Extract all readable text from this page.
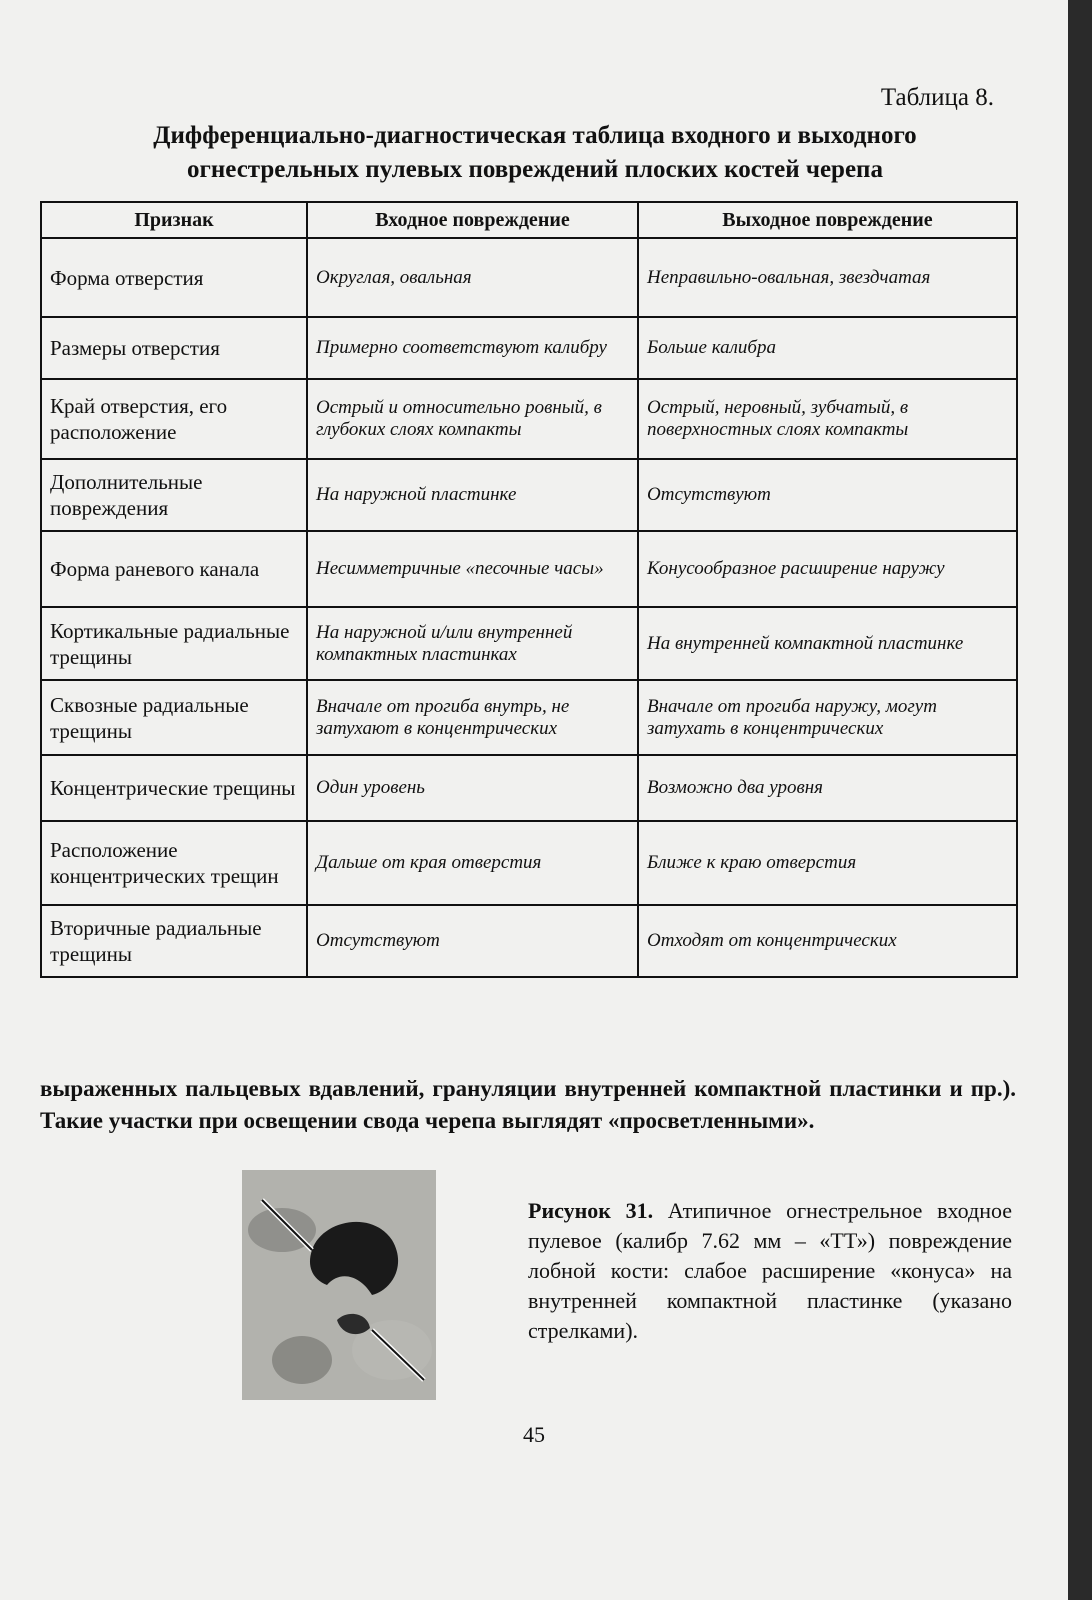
Таблица 8.
Дифференциально-диагностическая таблица входного и выходного
огнестрельных пулевых повреждений плоских костей черепа
Признак	Входное повреждение	Выходное повреждение
Форма отверстия	Округлая, овальная	Неправильно-овальная, звездчатая
Размеры отверстия	Примерно соответствуют калибру	Больше калибра
Край отверстия, его расположение	Острый и относительно ровный, в глубоких слоях компакты	Острый, неровный, зубчатый, в поверхностных слоях компакты
Дополнительные повреждения	На наружной пластинке	Отсутствуют
Форма раневого канала	Несимметричные «песочные часы»	Конусообразное расширение наружу
Кортикальные радиальные трещины	На наружной и/или внутренней компактных пластинках	На внутренней компактной пластинке
Сквозные радиальные трещины	Вначале от прогиба внутрь, не затухают в концентрических	Вначале от прогиба наружу, могут затухать в концентрических
Концентрические трещины	Один уровень	Возможно два уровня
Расположение концентрических трещин	Дальше от края отверстия	Ближе к краю отверстия
Вторичные радиальные трещины	Отсутствуют	Отходят от концентрических
выраженных пальцевых вдавлений, грануляции внутренней компактной пластинки и пр.). Такие участки при освещении свода черепа выглядят «просветленными».
Рисунок 31. Атипичное огнестрельное входное пулевое (калибр 7.62 мм – «ТТ») повреждение лобной кости: слабое расширение «конуса» на внутренней компактной пластинке (указано стрелками).
45
